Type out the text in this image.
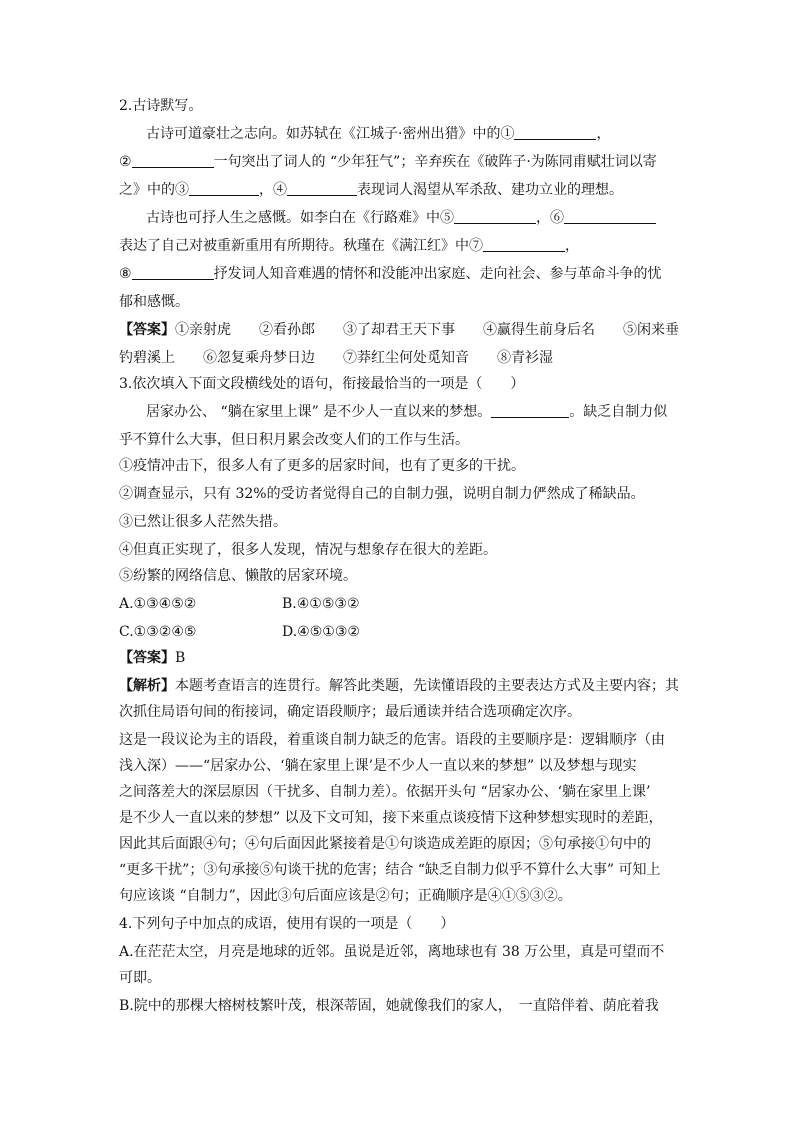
2.古诗默写。
古诗可道豪壮之志向。如苏轼在《江城子·密州出猎》中的①	，
②	一句突出了词人的 “少年狂气”；辛弃疾在《破阵子·为陈同甫赋壮词以寄
之》中的③	，④	表现词人渴望从军杀敌、建功立业的理想。
古诗也可抒人生之感慨。如李白在《行路难》中⑤	，⑥
表达了自己对被重新重用有所期待。秋瑾在《满江红》中⑦	，
⑧	抒发词人知音难遇的情怀和没能冲出家庭、走向社会、参与革命斗争的忧
郁和感慨。
【答案】①亲射虎　　②看孙郎　　③了却君王天下事　　④赢得生前身后名　　⑤闲来垂
钓碧溪上　　⑥忽复乘舟梦日边　　⑦莽红尘何处觅知音　　⑧青衫湿
3.依次填入下面文段横线处的语句，衔接最恰当的一项是（　　）
居家办公、 “躺在家里上课” 是不少人一直以来的梦想。	。缺乏自制力似
乎不算什么大事，但日积月累会改变人们的工作与生活。
①疫情冲击下，很多人有了更多的居家时间，也有了更多的干扰。
②调查显示，只有 32%的受访者觉得自己的自制力强，说明自制力俨然成了稀缺品。
③已然让很多人茫然失措。
④但真正实现了，很多人发现，情况与想象存在很大的差距。
⑤纷繁的网络信息、懒散的居家环境。
A.①③④⑤②	B.④①⑤③②
C.①③②④⑤	D.④⑤①③②
【答案】B
【解析】本题考查语言的连贯行。解答此类题，先读懂语段的主要表达方式及主要内容；其
次抓住局语句间的衔接词，确定语段顺序；最后通读并结合选项确定次序。
这是一段议论为主的语段，着重谈自制力缺乏的危害。语段的主要顺序是：逻辑顺序（由
浅入深）——“居家办公、‘躺在家里上课’是不少人一直以来的梦想” 以及梦想与现实
之间落差大的深层原因（干扰多、自制力差）。依据开头句 “居家办公、‘躺在家里上课’
是不少人一直以来的梦想” 以及下文可知，接下来重点谈疫情下这种梦想实现时的差距，
因此其后面跟④句；④句后面因此紧接着是①句谈造成差距的原因；⑤句承接①句中的
“更多干扰”；③句承接⑤句谈干扰的危害；结合 “缺乏自制力似乎不算什么大事” 可知上
句应该谈 “自制力”，因此③句后面应该是②句；正确顺序是④①⑤③②。
4.下列句子中加点的成语，使用有误的一项是（　　）
A.在茫茫太空，月亮是地球的近邻。虽说是近邻，离地球也有 38 万公里，真是可望而不
可即。
B.院中的那棵大榕树枝繁叶茂，根深蒂固，她就像我们的家人，　一直陪伴着、荫庇着我
